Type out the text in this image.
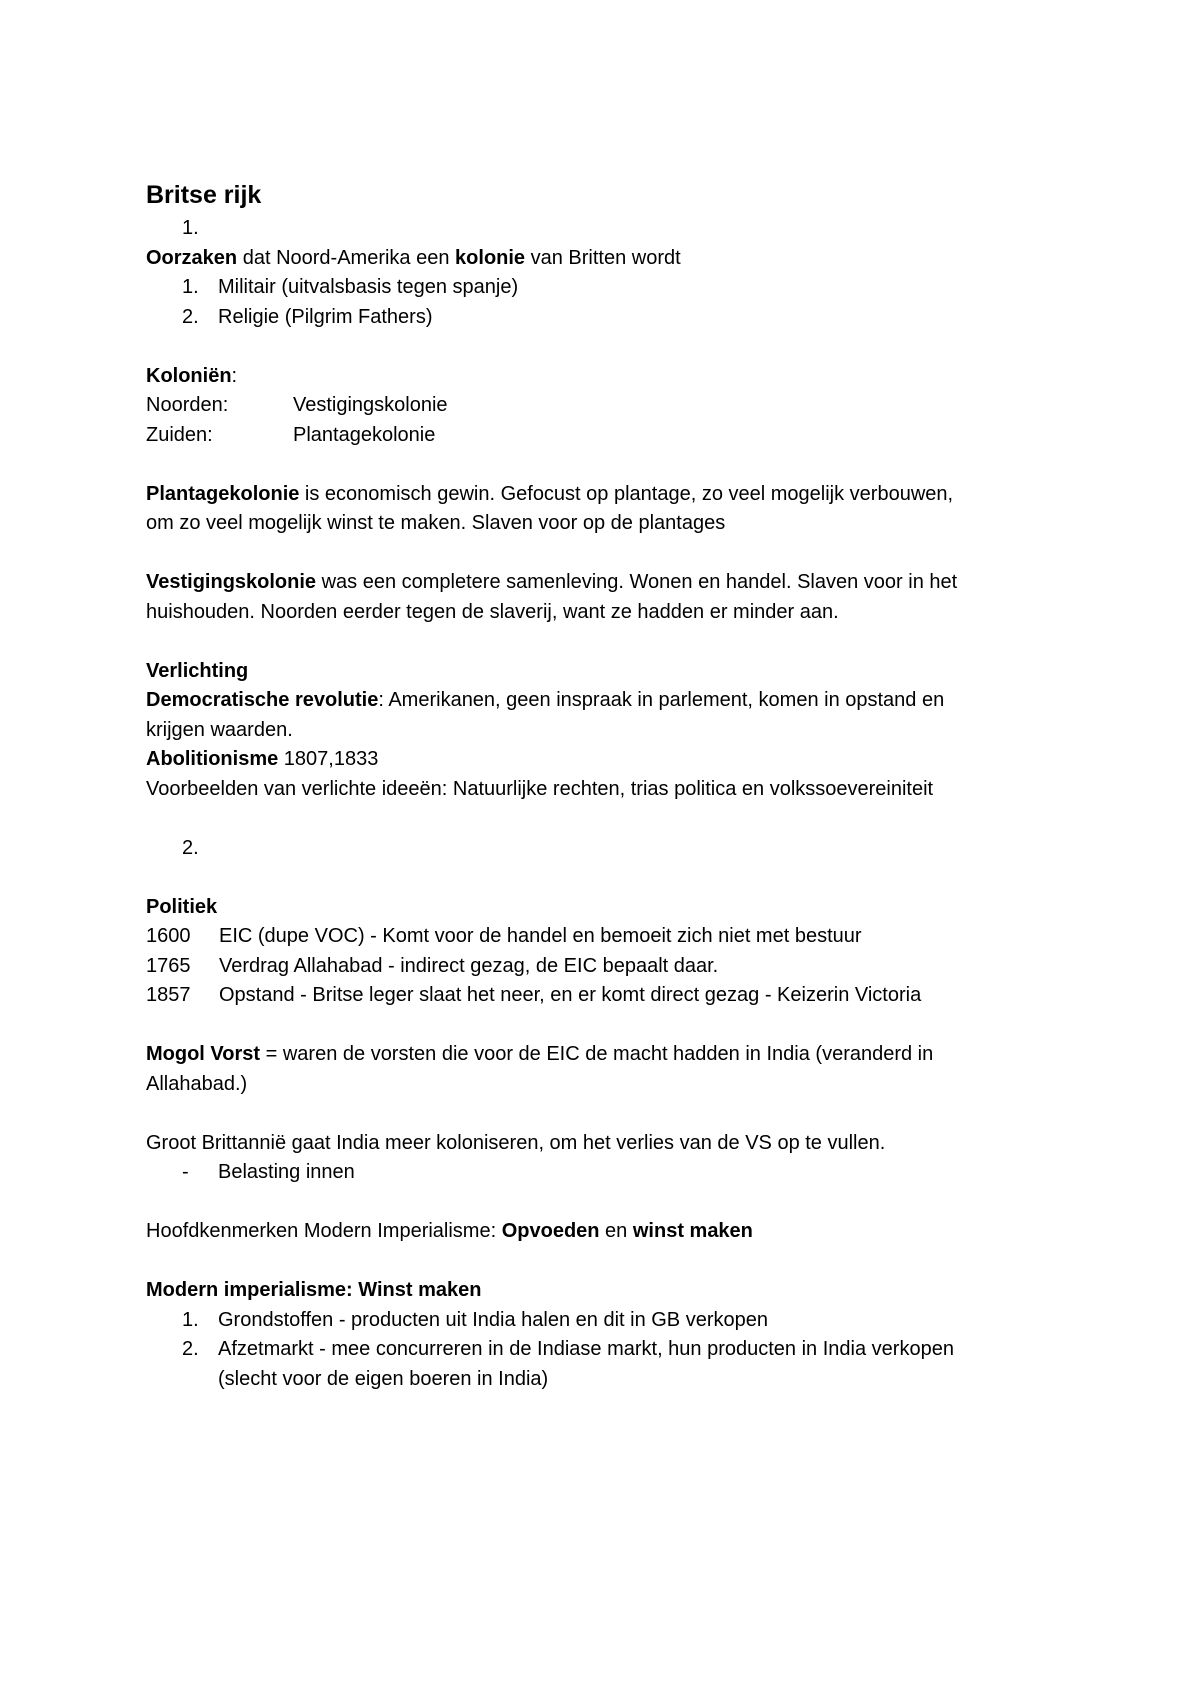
Britse rijk
1.

Oorzaken dat Noord-Amerika een kolonie van Britten wordt

1. Militair (uitvalsbasis tegen spanje)
2. Religie (Pilgrim Fathers)

Koloniën:

Noorden:	Vestigingskolonie
Zuiden:	Plantagekolonie

Plantagekolonie is economisch gewin. Gefocust op plantage, zo veel mogelijk verbouwen,

om zo veel mogelijk winst te maken. Slaven voor op de plantages

Vestigingskolonie was een completere samenleving. Wonen en handel. Slaven voor in het

huishouden. Noorden eerder tegen de slaverij, want ze hadden er minder aan.

Verlichting

Democratische revolutie: Amerikanen, geen inspraak in parlement, komen in opstand en

krijgen waarden.

Abolitionisme 1807,1833

Voorbeelden van verlichte ideeën: Natuurlijke rechten, trias politica en volkssoevereiniteit

2.

Politiek

1600	EIC (dupe VOC) - Komt voor de handel en bemoeit zich niet met bestuur
1765	Verdrag Allahabad - indirect gezag, de EIC bepaalt daar.
1857	Opstand - Britse leger slaat het neer, en er komt direct gezag - Keizerin Victoria

Mogol Vorst = waren de vorsten die voor de EIC de macht hadden in India (veranderd in

Allahabad.)

Groot Brittannië gaat India meer koloniseren, om het verlies van de VS op te vullen.

- Belasting innen

Hoofdkenmerken Modern Imperialisme: Opvoeden en winst maken

Modern imperialisme: Winst maken

1. Grondstoffen - producten uit India halen en dit in GB verkopen
2. Afzetmarkt - mee concurreren in de Indiase markt, hun producten in India verkopen
(slecht voor de eigen boeren in India)
